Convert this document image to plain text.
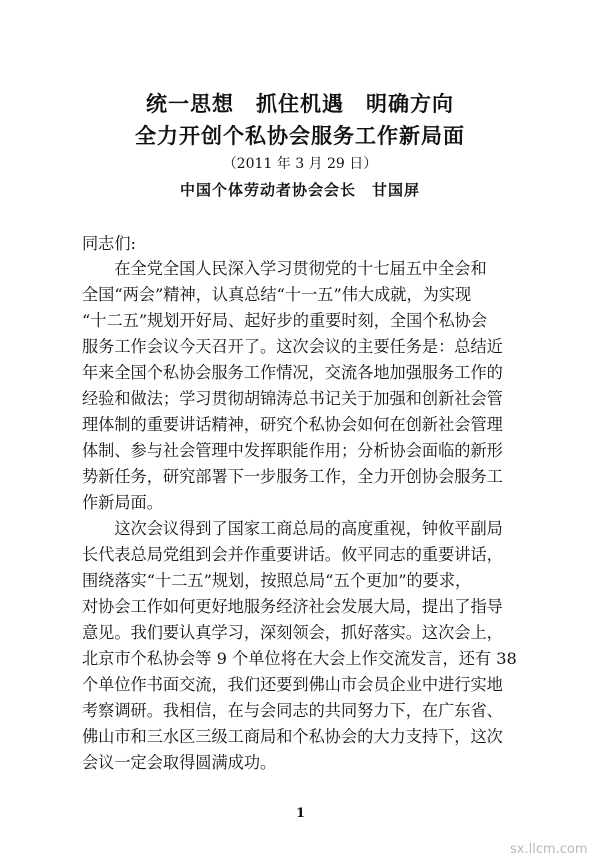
统一思想　抓住机遇　明确方向
全力开创个私协会服务工作新局面
（2011 年 3 月 29 日）
中国个体劳动者协会会长　甘国屏
同志们:
　　在全党全国人民深入学习贯彻党的十七届五中全会和
全国“两会”精神，认真总结“十一五”伟大成就，为实现
“十二五”规划开好局、起好步的重要时刻，全国个私协会
服务工作会议今天召开了。这次会议的主要任务是：总结近
年来全国个私协会服务工作情况，交流各地加强服务工作的
经验和做法；学习贯彻胡锦涛总书记关于加强和创新社会管
理体制的重要讲话精神，研究个私协会如何在创新社会管理
体制、参与社会管理中发挥职能作用；分析协会面临的新形
势新任务，研究部署下一步服务工作，全力开创协会服务工
作新局面。
　　这次会议得到了国家工商总局的高度重视，钟攸平副局
长代表总局党组到会并作重要讲话。攸平同志的重要讲话，
围绕落实“十二五”规划，按照总局“五个更加”的要求，
对协会工作如何更好地服务经济社会发展大局，提出了指导
意见。我们要认真学习，深刻领会，抓好落实。这次会上，
北京市个私协会等 9 个单位将在大会上作交流发言，还有 38
个单位作书面交流，我们还要到佛山市会员企业中进行实地
考察调研。我相信，在与会同志的共同努力下，在广东省、
佛山市和三水区三级工商局和个私协会的大力支持下，这次
会议一定会取得圆满成功。
1
sx.llcm.com
